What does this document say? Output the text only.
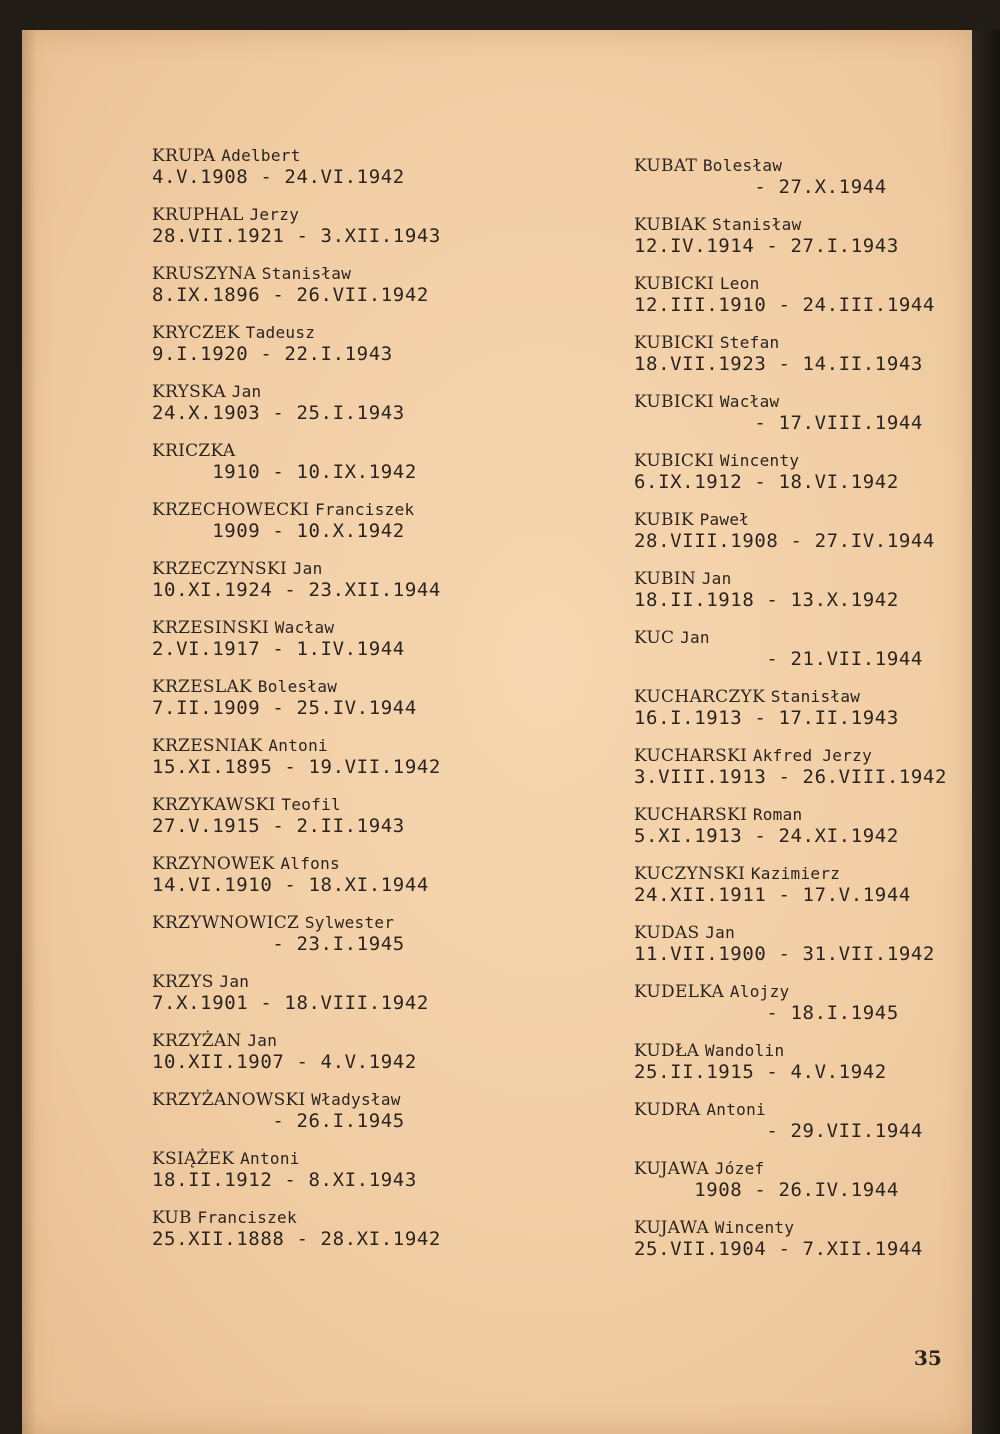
KRUPA Adelbert
4.V.1908 - 24.VI.1942
KRUPHAL Jerzy
28.VII.1921 - 3.XII.1943
KRUSZYNA Stanisław
8.IX.1896 - 26.VII.1942
KRYCZEK Tadeusz
9.I.1920 - 22.I.1943
KRYSKA Jan
24.X.1903 - 25.I.1943
KRICZKA
1910 - 10.IX.1942
KRZECHOWECKI Franciszek
1909 - 10.X.1942
KRZECZYNSKI Jan
10.XI.1924 - 23.XII.1944
KRZESINSKI Wacław
2.VI.1917 - 1.IV.1944
KRZESLAK Bolesław
7.II.1909 - 25.IV.1944
KRZESNIAK Antoni
15.XI.1895 - 19.VII.1942
KRZYKAWSKI Teofil
27.V.1915 - 2.II.1943
KRZYNOWEK Alfons
14.VI.1910 - 18.XI.1944
KRZYWNOWICZ Sylwester
- 23.I.1945
KRZYS Jan
7.X.1901 - 18.VIII.1942
KRZYŻAN Jan
10.XII.1907 - 4.V.1942
KRZYŻANOWSKI Władysław
- 26.I.1945
KSIĄŻEK Antoni
18.II.1912 - 8.XI.1943
KUB Franciszek
25.XII.1888 - 28.XI.1942
KUBAT Bolesław
- 27.X.1944
KUBIAK Stanisław
12.IV.1914 - 27.I.1943
KUBICKI Leon
12.III.1910 - 24.III.1944
KUBICKI Stefan
18.VII.1923 - 14.II.1943
KUBICKI Wacław
- 17.VIII.1944
KUBICKI Wincenty
6.IX.1912 - 18.VI.1942
KUBIK Paweł
28.VIII.1908 - 27.IV.1944
KUBIN Jan
18.II.1918 - 13.X.1942
KUC Jan
- 21.VII.1944
KUCHARCZYK Stanisław
16.I.1913 - 17.II.1943
KUCHARSKI Akfred Jerzy
3.VIII.1913 - 26.VIII.1942
KUCHARSKI Roman
5.XI.1913 - 24.XI.1942
KUCZYNSKI Kazimierz
24.XII.1911 - 17.V.1944
KUDAS Jan
11.VII.1900 - 31.VII.1942
KUDELKA Alojzy
- 18.I.1945
KUDŁA Wandolin
25.II.1915 - 4.V.1942
KUDRA Antoni
- 29.VII.1944
KUJAWA Józef
1908 - 26.IV.1944
KUJAWA Wincenty
25.VII.1904 - 7.XII.1944
35
